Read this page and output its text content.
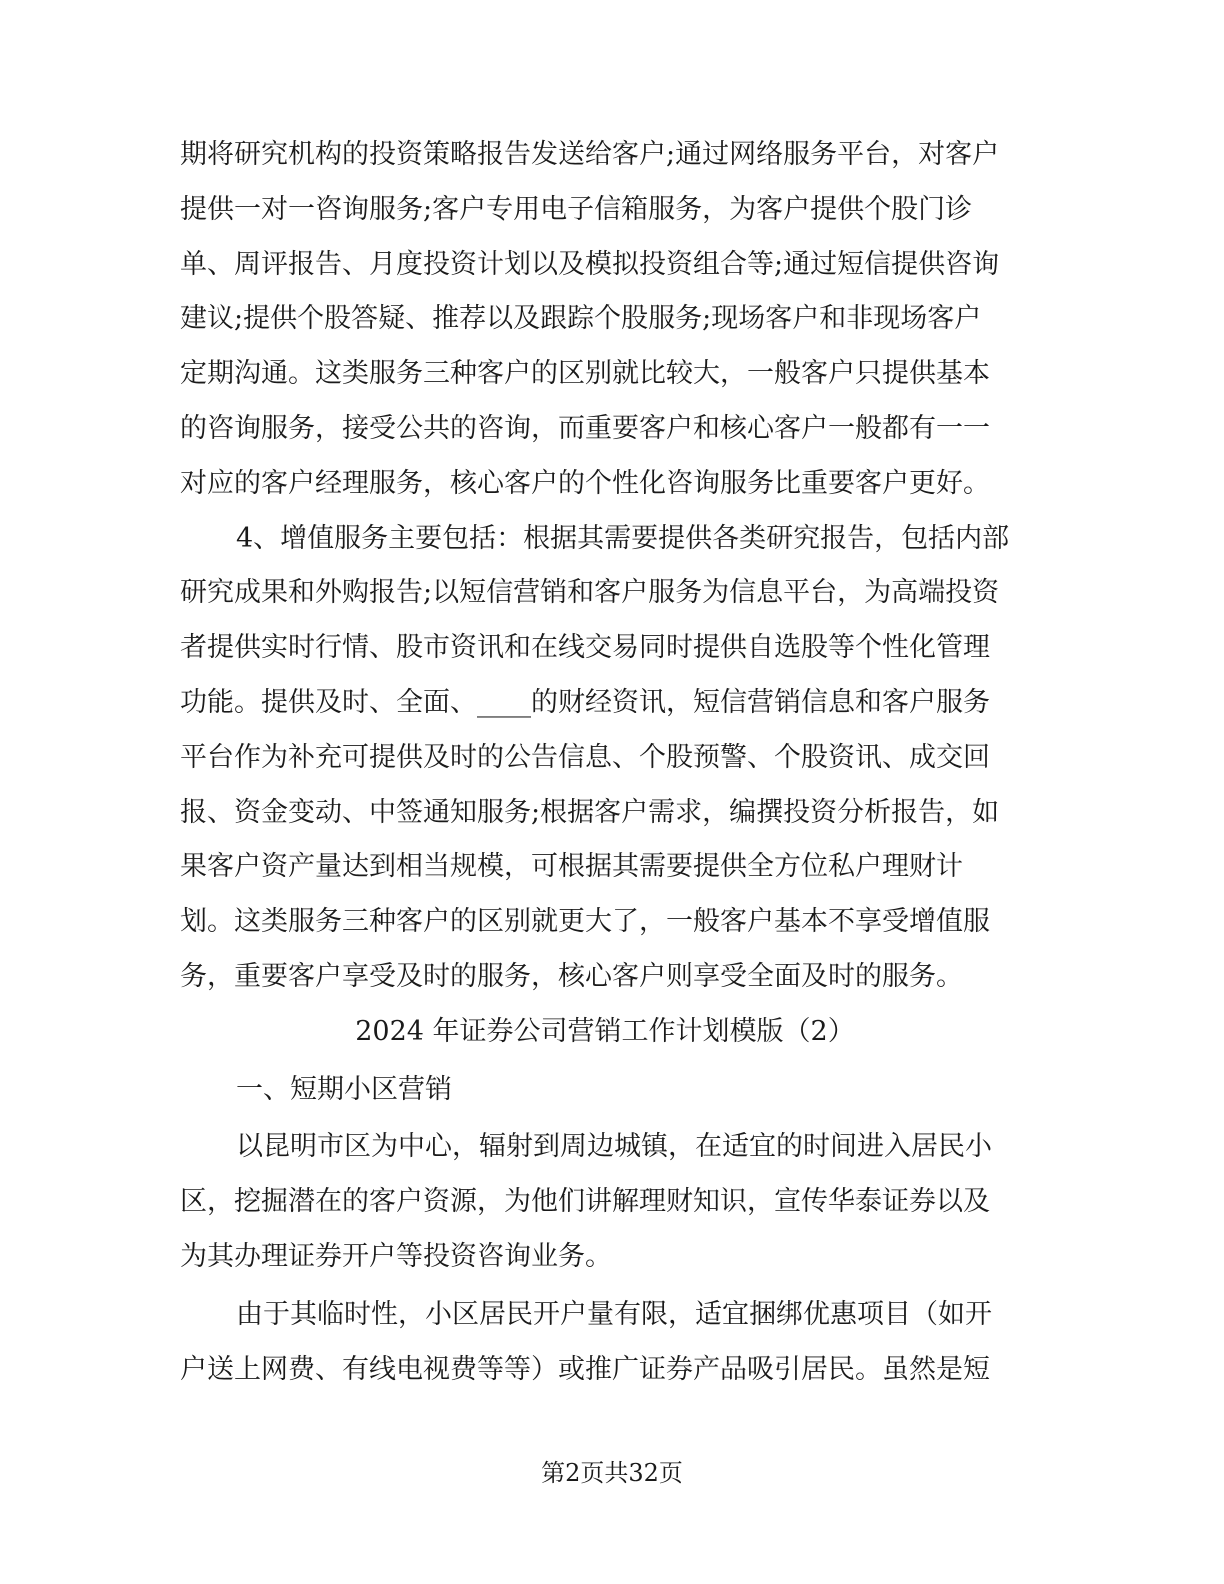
期将研究机构的投资策略报告发送给客户;通过网络服务平台，对客户
提供一对一咨询服务;客户专用电子信箱服务，为客户提供个股门诊
单、周评报告、月度投资计划以及模拟投资组合等;通过短信提供咨询
建议;提供个股答疑、推荐以及跟踪个股服务;现场客户和非现场客户
定期沟通。这类服务三种客户的区别就比较大，一般客户只提供基本
的咨询服务，接受公共的咨询，而重要客户和核心客户一般都有一一
对应的客户经理服务，核心客户的个性化咨询服务比重要客户更好。
4、增值服务主要包括：根据其需要提供各类研究报告，包括内部
研究成果和外购报告;以短信营销和客户服务为信息平台，为高端投资
者提供实时行情、股市资讯和在线交易同时提供自选股等个性化管理
功能。提供及时、全面、____的财经资讯，短信营销信息和客户服务
平台作为补充可提供及时的公告信息、个股预警、个股资讯、成交回
报、资金变动、中签通知服务;根据客户需求，编撰投资分析报告，如
果客户资产量达到相当规模，可根据其需要提供全方位私户理财计
划。这类服务三种客户的区别就更大了，一般客户基本不享受增值服
务，重要客户享受及时的服务，核心客户则享受全面及时的服务。
2024 年证券公司营销工作计划模版（2）
一、短期小区营销
以昆明市区为中心，辐射到周边城镇，在适宜的时间进入居民小
区，挖掘潜在的客户资源，为他们讲解理财知识，宣传华泰证券以及
为其办理证券开户等投资咨询业务。
由于其临时性，小区居民开户量有限，适宜捆绑优惠项目（如开
户送上网费、有线电视费等等）或推广证券产品吸引居民。虽然是短
第2页共32页
